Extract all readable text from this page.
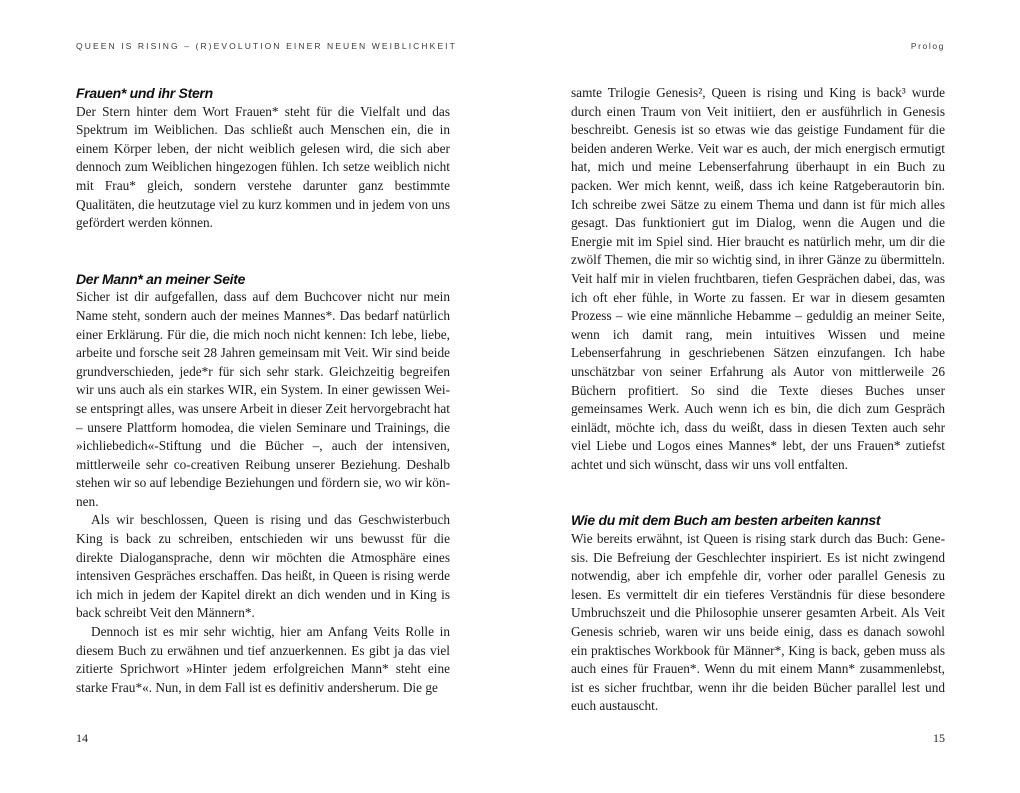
QUEEN IS RISING – (R)EVOLUTION EINER NEUEN WEIBLICHKEIT
Frauen* und ihr Stern

Der Stern hinter dem Wort Frauen* steht für die Vielfalt und das Spektrum im Weiblichen. Das schließt auch Menschen ein, die in einem Körper leben, der nicht weiblich gelesen wird, die sich aber dennoch zum Weiblichen hingezogen fühlen. Ich setze weiblich nicht mit Frau* gleich, sondern verstehe darunter ganz bestimmte Qualitäten, die heutzutage viel zu kurz kommen und in jedem von uns gefördert werden können.

Der Mann* an meiner Seite

Sicher ist dir aufgefallen, dass auf dem Buchcover nicht nur mein Name steht, sondern auch der meines Mannes*. Das bedarf natürlich einer Erklärung. Für die, die mich noch nicht kennen: Ich lebe, liebe, arbeite und forsche seit 28 Jahren gemeinsam mit Veit. Wir sind beide grundverschieden, jede*r für sich sehr stark. Gleichzeitig begreifen wir uns auch als ein starkes WIR, ein System. In einer gewissen Weise entspringt alles, was unsere Arbeit in dieser Zeit hervorgebracht hat – unsere Plattform homodea, die vielen Seminare und Trainings, die »ichliebedich«-Stiftung und die Bücher –, auch der intensiven, mittlerweile sehr co-creativen Reibung unserer Beziehung. Deshalb stehen wir so auf lebendige Beziehungen und fördern sie, wo wir können.

Als wir beschlossen, Queen is rising und das Geschwisterbuch King is back zu schreiben, entschieden wir uns bewusst für die direkte Dialogansprache, denn wir möchten die Atmosphäre eines intensiven Gespräches erschaffen. Das heißt, in Queen is rising werde ich mich in jedem der Kapitel direkt an dich wenden und in King is back schreibt Veit den Männern*.

Dennoch ist es mir sehr wichtig, hier am Anfang Veits Rolle in diesem Buch zu erwähnen und tief anzuerkennen. Es gibt ja das viel zitierte Sprichwort »Hinter jedem erfolgreichen Mann* steht eine starke Frau*«. Nun, in dem Fall ist es definitiv andersherum. Die ge

14
Prolog

samte Trilogie Genesis², Queen is rising und King is back³ wurde durch einen Traum von Veit initiiert, den er ausführlich in Genesis beschreibt. Genesis ist so etwas wie das geistige Fundament für die beiden anderen Werke. Veit war es auch, der mich energisch ermutigt hat, mich und meine Lebenserfahrung überhaupt in ein Buch zu packen. Wer mich kennt, weiß, dass ich keine Ratgeberautorin bin. Ich schreibe zwei Sätze zu einem Thema und dann ist für mich alles gesagt. Das funktioniert gut im Dialog, wenn die Augen und die Energie mit im Spiel sind. Hier braucht es natürlich mehr, um dir die zwölf Themen, die mir so wichtig sind, in ihrer Gänze zu übermitteln. Veit half mir in vielen fruchtbaren, tiefen Gesprächen dabei, das, was ich oft eher fühle, in Worte zu fassen. Er war in diesem gesamten Prozess – wie eine männliche Hebamme – geduldig an meiner Seite, wenn ich damit rang, mein intuitives Wissen und meine Lebenserfahrung in geschriebenen Sätzen einzufangen. Ich habe unschätzbar von seiner Erfahrung als Autor von mittlerweile 26 Büchern profitiert. So sind die Texte dieses Buches unser gemeinsames Werk. Auch wenn ich es bin, die dich zum Gespräch einlädt, möchte ich, dass du weißt, dass in diesen Texten auch sehr viel Liebe und Logos eines Mannes* lebt, der uns Frauen* zutiefst achtet und sich wünscht, dass wir uns voll entfalten.

Wie du mit dem Buch am besten arbeiten kannst

Wie bereits erwähnt, ist Queen is rising stark durch das Buch: Genesis. Die Befreiung der Geschlechter inspiriert. Es ist nicht zwingend notwendig, aber ich empfehle dir, vorher oder parallel Genesis zu lesen. Es vermittelt dir ein tieferes Verständnis für diese besondere Umbruchszeit und die Philosophie unserer gesamten Arbeit. Als Veit Genesis schrieb, waren wir uns beide einig, dass es danach sowohl ein praktisches Workbook für Männer*, King is back, geben muss als auch eines für Frauen*. Wenn du mit einem Mann* zusammenlebst, ist es sicher fruchtbar, wenn ihr die beiden Bücher parallel lest und euch austauscht.

15
